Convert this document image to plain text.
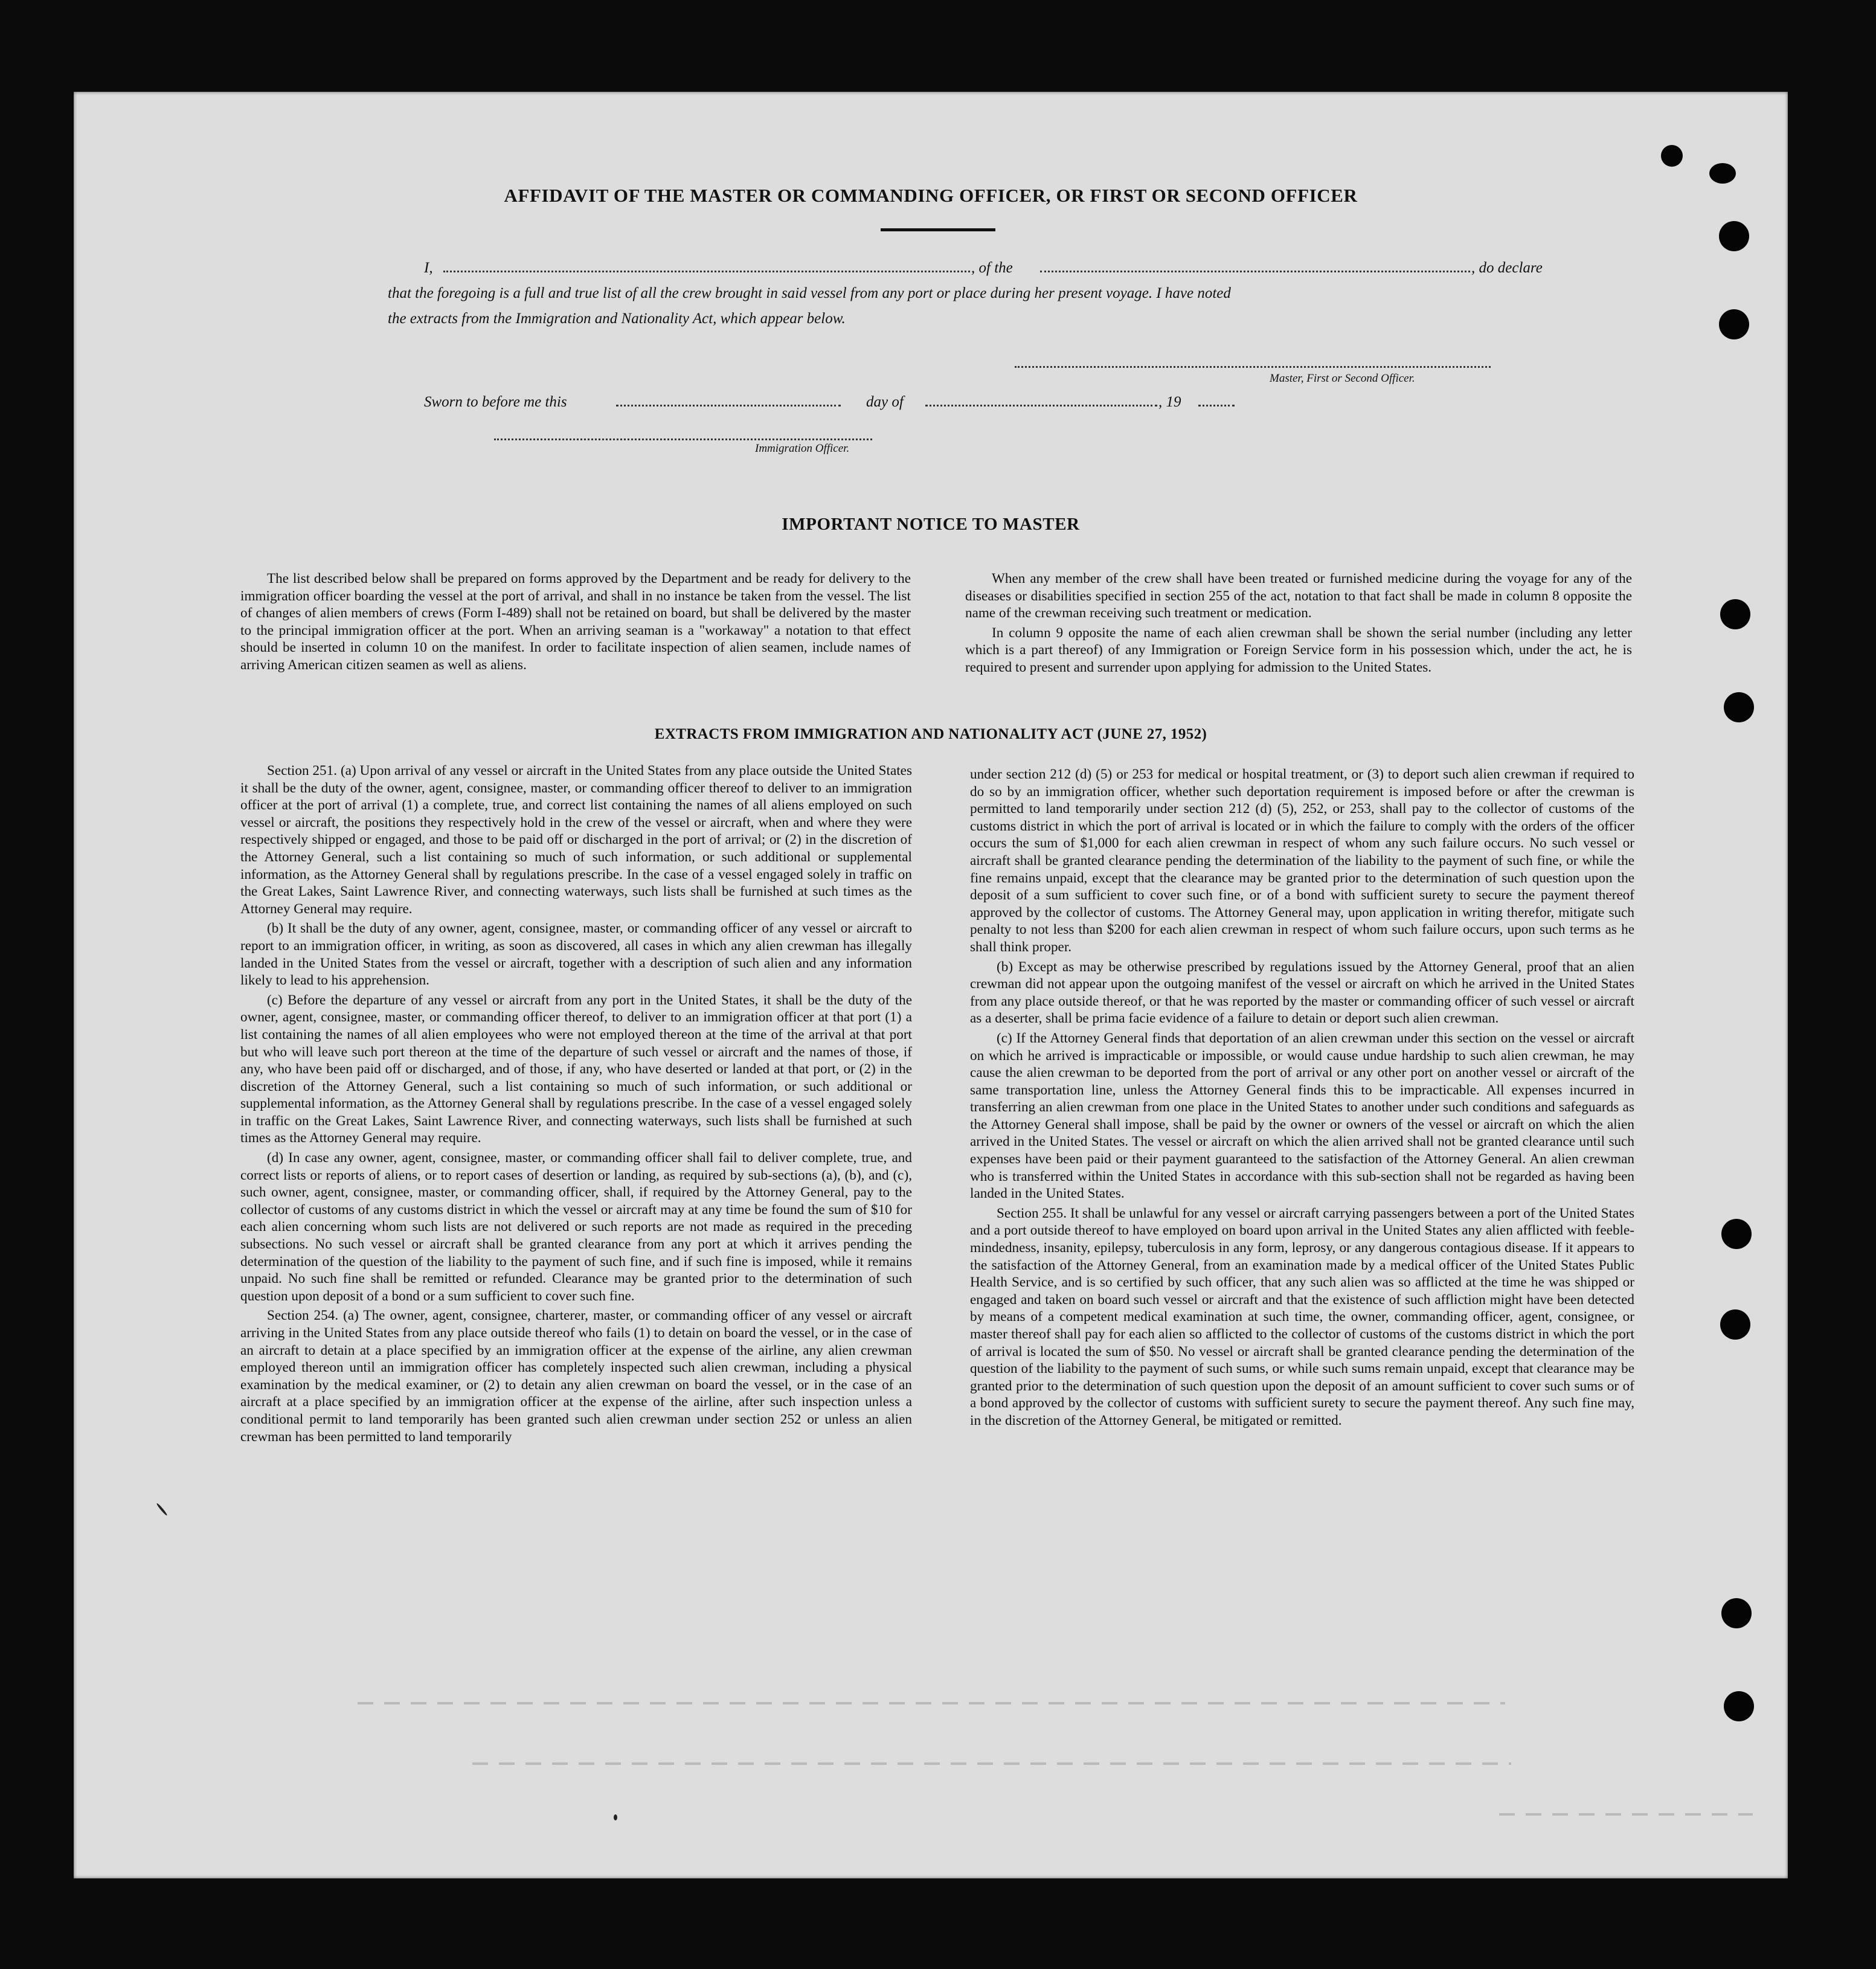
AFFIDAVIT OF THE MASTER OR COMMANDING OFFICER, OR FIRST OR SECOND OFFICER
I,	, of the	, do declare
that the foregoing is a full and true list of all the crew brought in said vessel from any port or place during her present voyage. I have noted
the extracts from the Immigration and Nationality Act, which appear below.
Master, First or Second Officer.
Sworn to before me this	day of	, 19
Immigration Officer.
IMPORTANT NOTICE TO MASTER

The list described below shall be prepared on forms approved by the Department and be ready for delivery to the immigration officer boarding the vessel at the port of arrival, and shall in no instance be taken from the vessel. The list of changes of alien members of crews (Form I-489) shall not be retained on board, but shall be delivered by the master to the principal immigration officer at the port. When an arriving seaman is a "workaway" a notation to that effect should be inserted in column 10 on the manifest. In order to facilitate inspection of alien seamen, include names of arriving American citizen seamen as well as aliens.

When any member of the crew shall have been treated or furnished medicine during the voyage for any of the diseases or disabilities specified in section 255 of the act, notation to that fact shall be made in column 8 opposite the name of the crewman receiving such treatment or medication.

In column 9 opposite the name of each alien crewman shall be shown the serial number (including any letter which is a part thereof) of any Immigration or Foreign Service form in his possession which, under the act, he is required to present and surrender upon applying for admission to the United States.

EXTRACTS FROM IMMIGRATION AND NATIONALITY ACT (JUNE 27, 1952)

Section 251. (a) Upon arrival of any vessel or aircraft in the United States from any place outside the United States it shall be the duty of the owner, agent, consignee, master, or commanding officer thereof to deliver to an immigration officer at the port of arrival (1) a complete, true, and correct list containing the names of all aliens employed on such vessel or aircraft, the positions they respectively hold in the crew of the vessel or aircraft, when and where they were respectively shipped or engaged, and those to be paid off or discharged in the port of arrival; or (2) in the discretion of the Attorney General, such a list containing so much of such information, or such additional or supplemental information, as the Attorney General shall by regulations prescribe. In the case of a vessel engaged solely in traffic on the Great Lakes, Saint Lawrence River, and connecting waterways, such lists shall be furnished at such times as the Attorney General may require.

(b) It shall be the duty of any owner, agent, consignee, master, or commanding officer of any vessel or aircraft to report to an immigration officer, in writing, as soon as discovered, all cases in which any alien crewman has illegally landed in the United States from the vessel or aircraft, together with a description of such alien and any information likely to lead to his apprehension.

(c) Before the departure of any vessel or aircraft from any port in the United States, it shall be the duty of the owner, agent, consignee, master, or commanding officer thereof, to deliver to an immigration officer at that port (1) a list containing the names of all alien employees who were not employed thereon at the time of the arrival at that port but who will leave such port thereon at the time of the departure of such vessel or aircraft and the names of those, if any, who have been paid off or discharged, and of those, if any, who have deserted or landed at that port, or (2) in the discretion of the Attorney General, such a list containing so much of such information, or such additional or supplemental information, as the Attorney General shall by regulations prescribe. In the case of a vessel engaged solely in traffic on the Great Lakes, Saint Lawrence River, and connecting waterways, such lists shall be furnished at such times as the Attorney General may require.

(d) In case any owner, agent, consignee, master, or commanding officer shall fail to deliver complete, true, and correct lists or reports of aliens, or to report cases of desertion or landing, as required by sub-sections (a), (b), and (c), such owner, agent, consignee, master, or commanding officer, shall, if required by the Attorney General, pay to the collector of customs of any customs district in which the vessel or aircraft may at any time be found the sum of $10 for each alien concerning whom such lists are not delivered or such reports are not made as required in the preceding subsections. No such vessel or aircraft shall be granted clearance from any port at which it arrives pending the determination of the question of the liability to the payment of such fine, and if such fine is imposed, while it remains unpaid. No such fine shall be remitted or refunded. Clearance may be granted prior to the determination of such question upon deposit of a bond or a sum sufficient to cover such fine.

Section 254. (a) The owner, agent, consignee, charterer, master, or commanding officer of any vessel or aircraft arriving in the United States from any place outside thereof who fails (1) to detain on board the vessel, or in the case of an aircraft to detain at a place specified by an immigration officer at the expense of the airline, any alien crewman employed thereon until an immigration officer has completely inspected such alien crewman, including a physical examination by the medical examiner, or (2) to detain any alien crewman on board the vessel, or in the case of an aircraft at a place specified by an immigration officer at the expense of the airline, after such inspection unless a conditional permit to land temporarily has been granted such alien crewman under section 252 or unless an alien crewman has been permitted to land temporarily

under section 212 (d) (5) or 253 for medical or hospital treatment, or (3) to deport such alien crewman if required to do so by an immigration officer, whether such deportation requirement is imposed before or after the crewman is permitted to land temporarily under section 212 (d) (5), 252, or 253, shall pay to the collector of customs of the customs district in which the port of arrival is located or in which the failure to comply with the orders of the officer occurs the sum of $1,000 for each alien crewman in respect of whom any such failure occurs. No such vessel or aircraft shall be granted clearance pending the determination of the liability to the payment of such fine, or while the fine remains unpaid, except that the clearance may be granted prior to the determination of such question upon the deposit of a sum sufficient to cover such fine, or of a bond with sufficient surety to secure the payment thereof approved by the collector of customs. The Attorney General may, upon application in writing therefor, mitigate such penalty to not less than $200 for each alien crewman in respect of whom such failure occurs, upon such terms as he shall think proper.

(b) Except as may be otherwise prescribed by regulations issued by the Attorney General, proof that an alien crewman did not appear upon the outgoing manifest of the vessel or aircraft on which he arrived in the United States from any place outside thereof, or that he was reported by the master or commanding officer of such vessel or aircraft as a deserter, shall be prima facie evidence of a failure to detain or deport such alien crewman.

(c) If the Attorney General finds that deportation of an alien crewman under this section on the vessel or aircraft on which he arrived is impracticable or impossible, or would cause undue hardship to such alien crewman, he may cause the alien crewman to be deported from the port of arrival or any other port on another vessel or aircraft of the same transportation line, unless the Attorney General finds this to be impracticable. All expenses incurred in transferring an alien crewman from one place in the United States to another under such conditions and safeguards as the Attorney General shall impose, shall be paid by the owner or owners of the vessel or aircraft on which the alien arrived in the United States. The vessel or aircraft on which the alien arrived shall not be granted clearance until such expenses have been paid or their payment guaranteed to the satisfaction of the Attorney General. An alien crewman who is transferred within the United States in accordance with this sub-section shall not be regarded as having been landed in the United States.

Section 255. It shall be unlawful for any vessel or aircraft carrying passengers between a port of the United States and a port outside thereof to have employed on board upon arrival in the United States any alien afflicted with feeble-mindedness, insanity, epilepsy, tuberculosis in any form, leprosy, or any dangerous contagious disease. If it appears to the satisfaction of the Attorney General, from an examination made by a medical officer of the United States Public Health Service, and is so certified by such officer, that any such alien was so afflicted at the time he was shipped or engaged and taken on board such vessel or aircraft and that the existence of such affliction might have been detected by means of a competent medical examination at such time, the owner, commanding officer, agent, consignee, or master thereof shall pay for each alien so afflicted to the collector of customs of the customs district in which the port of arrival is located the sum of $50. No vessel or aircraft shall be granted clearance pending the determination of the question of the liability to the payment of such sums, or while such sums remain unpaid, except that clearance may be granted prior to the determination of such question upon the deposit of an amount sufficient to cover such sums or of a bond approved by the collector of customs with sufficient surety to secure the payment thereof. Any such fine may, in the discretion of the Attorney General, be mitigated or remitted.
